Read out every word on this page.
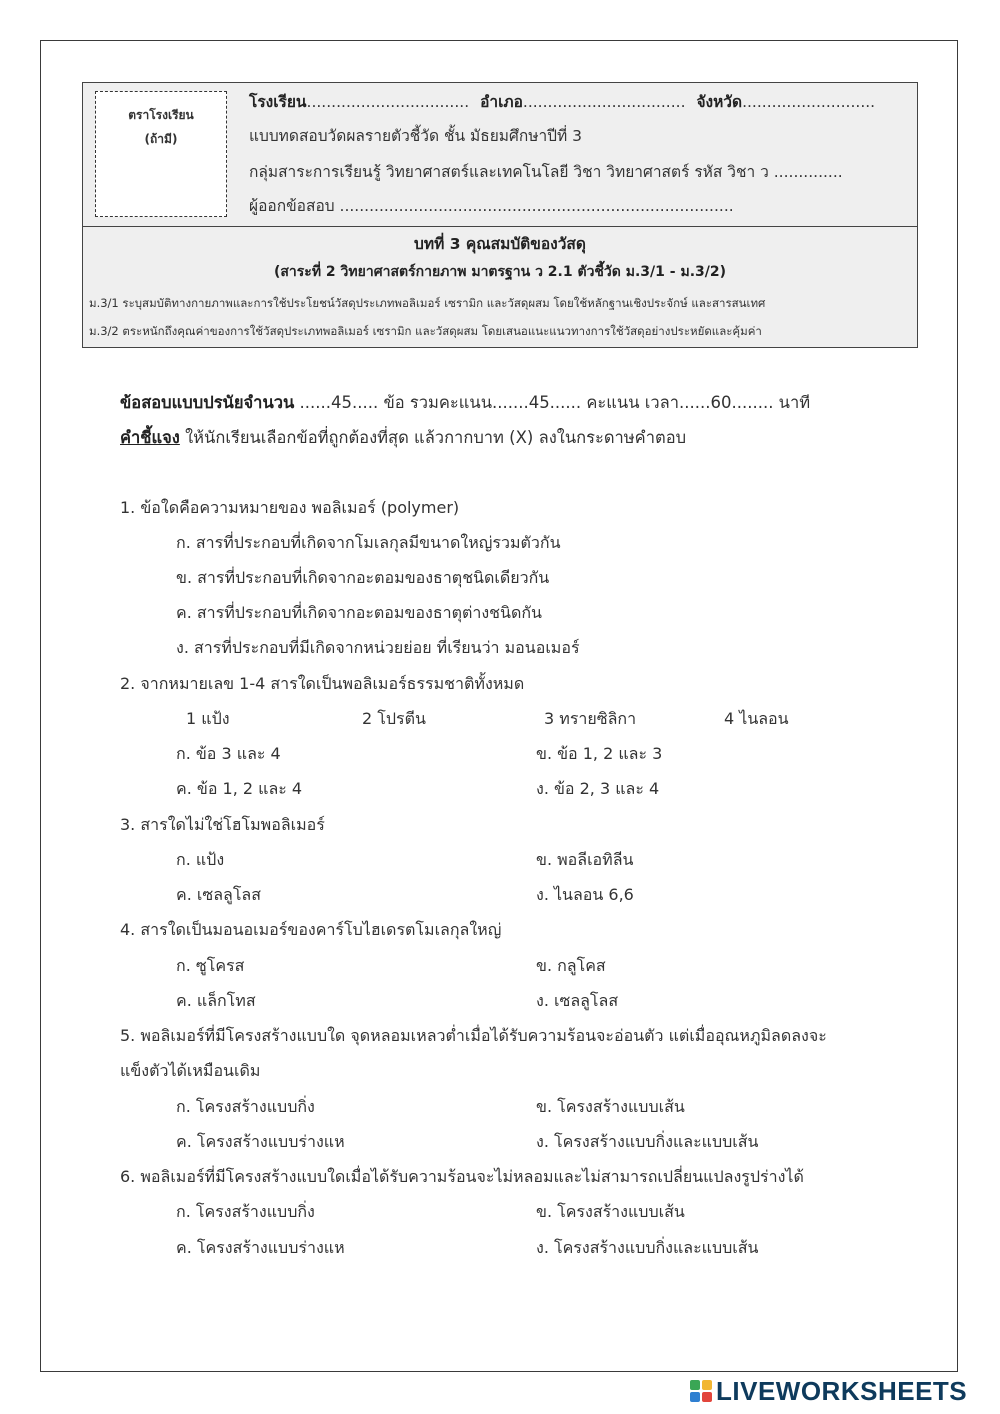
ตราโรงเรียน
(ถ้ามี)
โรงเรียน................................. อำเภอ................................. จังหวัด...........................
แบบทดสอบวัดผลรายตัวชี้วัด ชั้น มัธยมศึกษาปีที่ 3
กลุ่มสาระการเรียนรู้ วิทยาศาสตร์และเทคโนโลยี วิชา วิทยาศาสตร์ รหัส วิชา ว ..............
ผู้ออกข้อสอบ ................................................................................
บทที่ 3 คุณสมบัติของวัสดุ
(สาระที่ 2 วิทยาศาสตร์กายภาพ มาตรฐาน ว 2.1 ตัวชี้วัด ม.3/1 - ม.3/2)
ม.3/1 ระบุสมบัติทางกายภาพและการใช้ประโยชน์วัสดุประเภทพอลิเมอร์ เซรามิก และวัสดุผสม โดยใช้หลักฐานเชิงประจักษ์ และสารสนเทศ
ม.3/2 ตระหนักถึงคุณค่าของการใช้วัสดุประเภทพอลิเมอร์ เซรามิก และวัสดุผสม โดยเสนอแนะแนวทางการใช้วัสดุอย่างประหยัดและคุ้มค่า
ข้อสอบแบบปรนัยจำนวน ......45..... ข้อ รวมคะแนน.......45...... คะแนน เวลา......60........ นาที
คำชี้แจง ให้นักเรียนเลือกข้อที่ถูกต้องที่สุด แล้วกากบาท (X) ลงในกระดาษคำตอบ
1. ข้อใดคือความหมายของ พอลิเมอร์ (polymer)
ก. สารที่ประกอบที่เกิดจากโมเลกุลมีขนาดใหญ่รวมตัวกัน
ข. สารที่ประกอบที่เกิดจากอะตอมของธาตุชนิดเดียวกัน
ค. สารที่ประกอบที่เกิดจากอะตอมของธาตุต่างชนิดกัน
ง. สารที่ประกอบที่มีเกิดจากหน่วยย่อย ที่เรียนว่า มอนอเมอร์
2. จากหมายเลข 1-4 สารใดเป็นพอลิเมอร์ธรรมชาติทั้งหมด
1 แป้ง	2 โปรตีน	3 ทรายซิลิกา	4 ไนลอน
ก. ข้อ 3 และ 4	ข. ข้อ 1, 2 และ 3
ค. ข้อ 1, 2 และ 4	ง. ข้อ 2, 3 และ 4
3. สารใดไม่ใช่โฮโมพอลิเมอร์
ก. แป้ง	ข. พอลีเอทิลีน
ค. เซลลูโลส	ง. ไนลอน 6,6
4. สารใดเป็นมอนอเมอร์ของคาร์โบไฮเดรตโมเลกุลใหญ่
ก. ซูโครส	ข. กลูโคส
ค. แล็กโทส	ง. เซลลูโลส
5. พอลิเมอร์ที่มีโครงสร้างแบบใด จุดหลอมเหลวต่ำเมื่อได้รับความร้อนจะอ่อนตัว แต่เมื่ออุณหภูมิลดลงจะ
แข็งตัวได้เหมือนเดิม
ก. โครงสร้างแบบกิ่ง	ข. โครงสร้างแบบเส้น
ค. โครงสร้างแบบร่างแห	ง. โครงสร้างแบบกิ่งและแบบเส้น
6. พอลิเมอร์ที่มีโครงสร้างแบบใดเมื่อได้รับความร้อนจะไม่หลอมและไม่สามารถเปลี่ยนแปลงรูปร่างได้
ก. โครงสร้างแบบกิ่ง	ข. โครงสร้างแบบเส้น
ค. โครงสร้างแบบร่างแห	ง. โครงสร้างแบบกิ่งและแบบเส้น
LIVEWORKSHEETS
